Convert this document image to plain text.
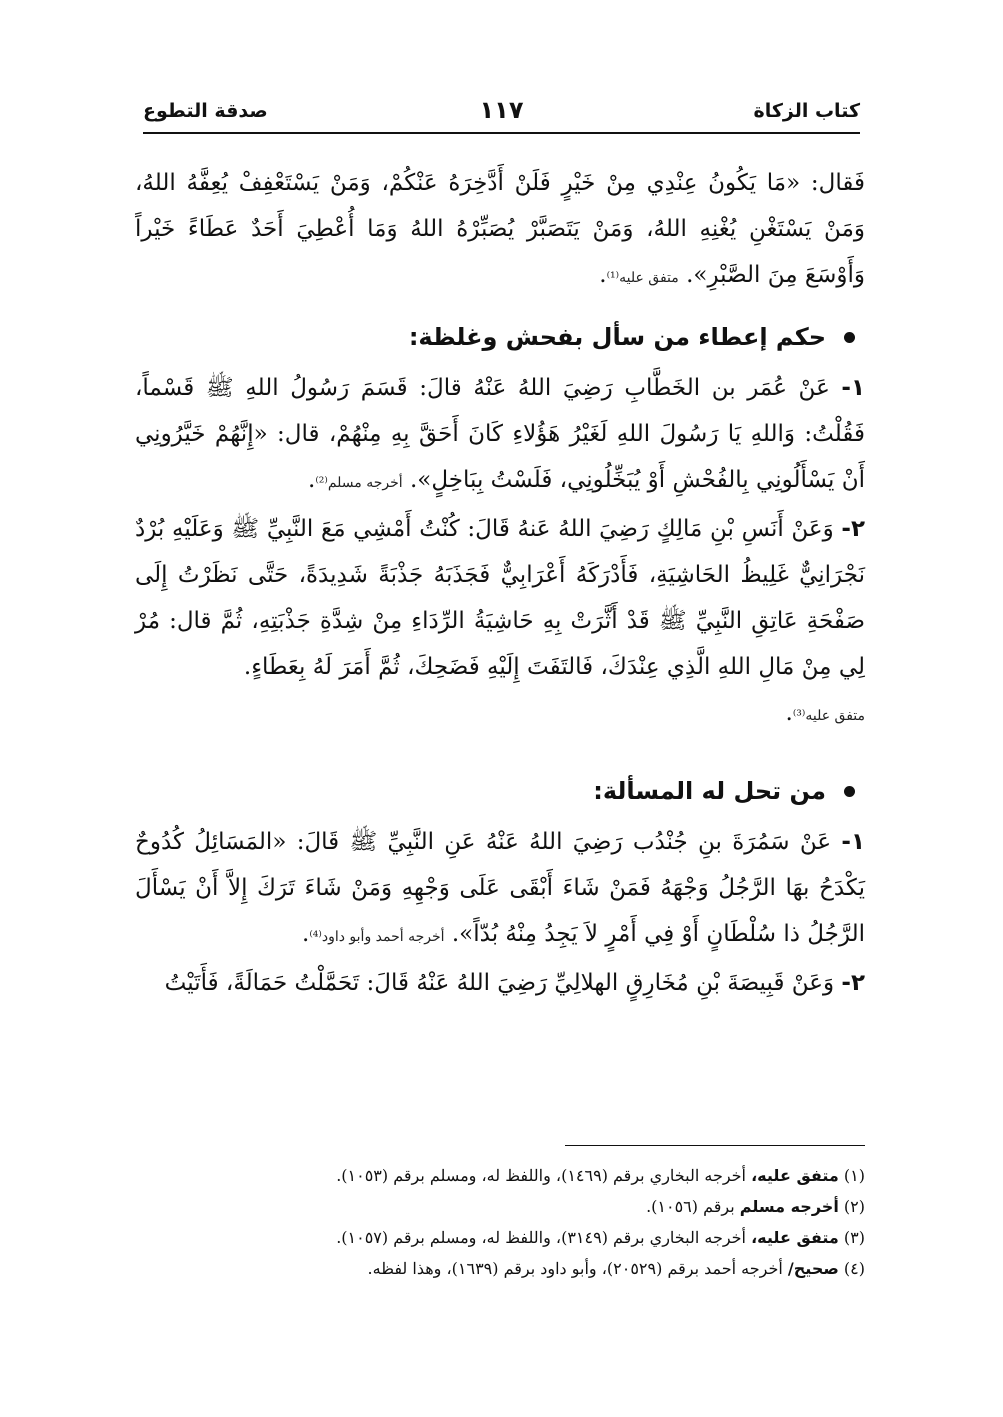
كتاب الزكاة
١١٧
صدقة التطوع

فَقال: «مَا يَكُونُ عِنْدِي مِنْ خَيْرٍ فَلَنْ أَدَّخِرَهُ عَنْكُمْ، وَمَنْ يَسْتَعْفِفْ يُعِفَّهُ اللهُ، وَمَنْ يَسْتَغْنِ يُغْنِهِ اللهُ، وَمَنْ يَتَصَبَّرْ يُصَبِّرْهُ اللهُ وَمَا أُعْطِيَ أَحَدٌ عَطَاءً خَيْراً وَأَوْسَعَ مِنَ الصَّبْرِ». متفق عليه⁽¹⁾.

حكم إعطاء من سأل بفحش وغلظة:

١- عَنْ عُمَر بن الخَطَّابِ رَضِيَ اللهُ عَنْهُ قالَ: قَسَمَ رَسُولُ اللهِ ﷺ قَسْماً، فَقُلْتُ: وَاللهِ يَا رَسُولَ اللهِ لَغَيْرُ هَؤُلاءِ كَانَ أَحَقَّ بِهِ مِنْهُمْ، قال: «إِنَّهُمْ خَيَّرُونِي أَنْ يَسْأَلُونِي بِالفُحْشِ أَوْ يُبَخِّلُونِي، فَلَسْتُ بِبَاخِلٍ». أخرجه مسلم⁽²⁾.

٢- وَعَنْ أَنَسِ بْنِ مَالِكٍ رَضِيَ اللهُ عَنهُ قَالَ: كُنْتُ أَمْشِي مَعَ النَّبِيِّ ﷺ وَعَلَيْهِ بُرْدٌ نَجْرَانِيٌّ غَلِيظُ الحَاشِيَةِ، فَأَدْرَكَهُ أَعْرَابِيٌّ فَجَذَبَهُ جَذْبَةً شَدِيدَةً، حَتَّى نَظَرْتُ إِلَى صَفْحَةِ عَاتِقِ النَّبِيِّ ﷺ قَدْ أَثَّرَتْ بِهِ حَاشِيَةُ الرِّدَاءِ مِنْ شِدَّةِ جَذْبَتِهِ، ثُمَّ قال: مُرْ لِي مِنْ مَالِ اللهِ الَّذِي عِنْدَكَ، فَالتَفَتَ إِلَيْهِ فَضَحِكَ، ثُمَّ أَمَرَ لَهُ بِعَطَاءٍ.
متفق عليه⁽³⁾.

من تحل له المسألة:

١- عَنْ سَمُرَةَ بنِ جُنْدُب رَضِيَ اللهُ عَنْهُ عَنِ النَّبِيِّ ﷺ قَالَ: «المَسَائِلُ كُدُوحٌ يَكْدَحُ بهَا الرَّجُلُ وَجْهَهُ فَمَنْ شَاءَ أَبْقَى عَلَى وَجْهِهِ وَمَنْ شَاءَ تَرَكَ إِلاَّ أَنْ يَسْأَلَ الرَّجُلُ ذا سُلْطَانٍ أَوْ فِي أَمْرٍ لاَ يَجِدُ مِنْهُ بُدّاً». أخرجه أحمد وأبو داود⁽⁴⁾.

٢- وَعَنْ قَبِيصَةَ بْنِ مُخَارِقٍ الهلالِيِّ رَضِيَ اللهُ عَنْهُ قَالَ: تَحَمَّلْتُ حَمَالَةً، فَأَتَيْتُ

(١) متفق عليه، أخرجه البخاري برقم (١٤٦٩)، واللفظ له، ومسلم برقم (١٠٥٣).

(٢) أخرجه مسلم برقم (١٠٥٦).

(٣) متفق عليه، أخرجه البخاري برقم (٣١٤٩)، واللفظ له، ومسلم برقم (١٠٥٧).

(٤) صحيح/ أخرجه أحمد برقم (٢٠٥٢٩)، وأبو داود برقم (١٦٣٩)، وهذا لفظه.
